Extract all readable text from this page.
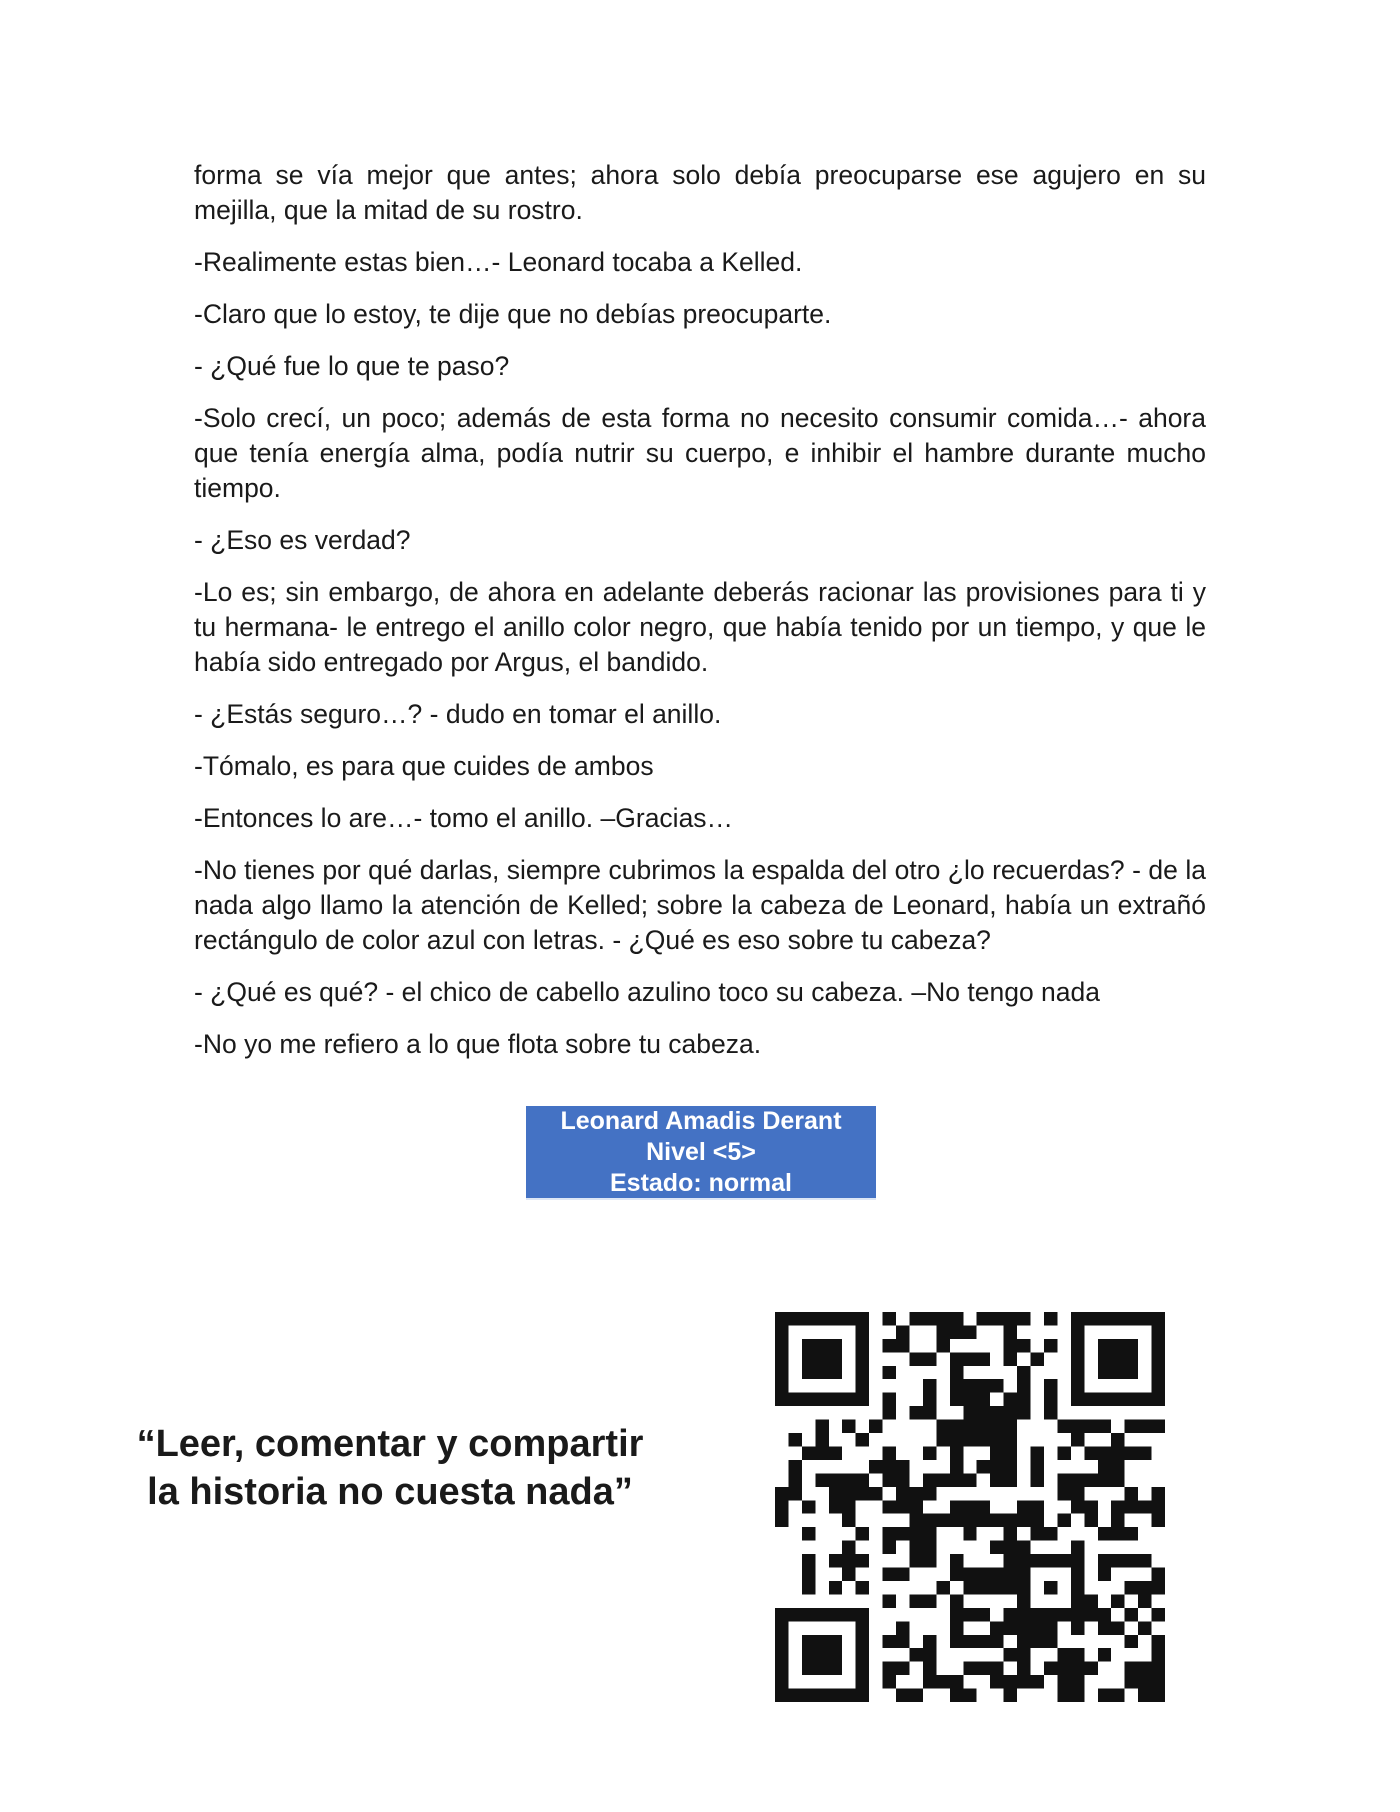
forma se vía mejor que antes; ahora solo debía preocuparse ese agujero en su mejilla, que la mitad de su rostro.

-Realimente estas bien…- Leonard tocaba a Kelled.

-Claro que lo estoy, te dije que no debías preocuparte.

- ¿Qué fue lo que te paso?

-Solo crecí, un poco; además de esta forma no necesito consumir comida…- ahora que tenía energía alma, podía nutrir su cuerpo, e inhibir el hambre durante mucho tiempo.

- ¿Eso es verdad?

-Lo es; sin embargo, de ahora en adelante deberás racionar las provisiones para ti y tu hermana- le entrego el anillo color negro, que había tenido por un tiempo, y que le había sido entregado por Argus, el bandido.

- ¿Estás seguro…? - dudo en tomar el anillo.

-Tómalo, es para que cuides de ambos

-Entonces lo are…- tomo el anillo. –Gracias…

-No tienes por qué darlas, siempre cubrimos la espalda del otro ¿lo recuerdas? - de la nada algo llamo la atención de Kelled; sobre la cabeza de Leonard, había un extrañó rectángulo de color azul con letras. - ¿Qué es eso sobre tu cabeza?

- ¿Qué es qué? - el chico de cabello azulino toco su cabeza. –No tengo nada

-No yo me refiero a lo que flota sobre tu cabeza.

Leonard Amadis Derant
Nivel <5>
Estado: normal
“Leer, comentar y compartir
la historia no cuesta nada”
